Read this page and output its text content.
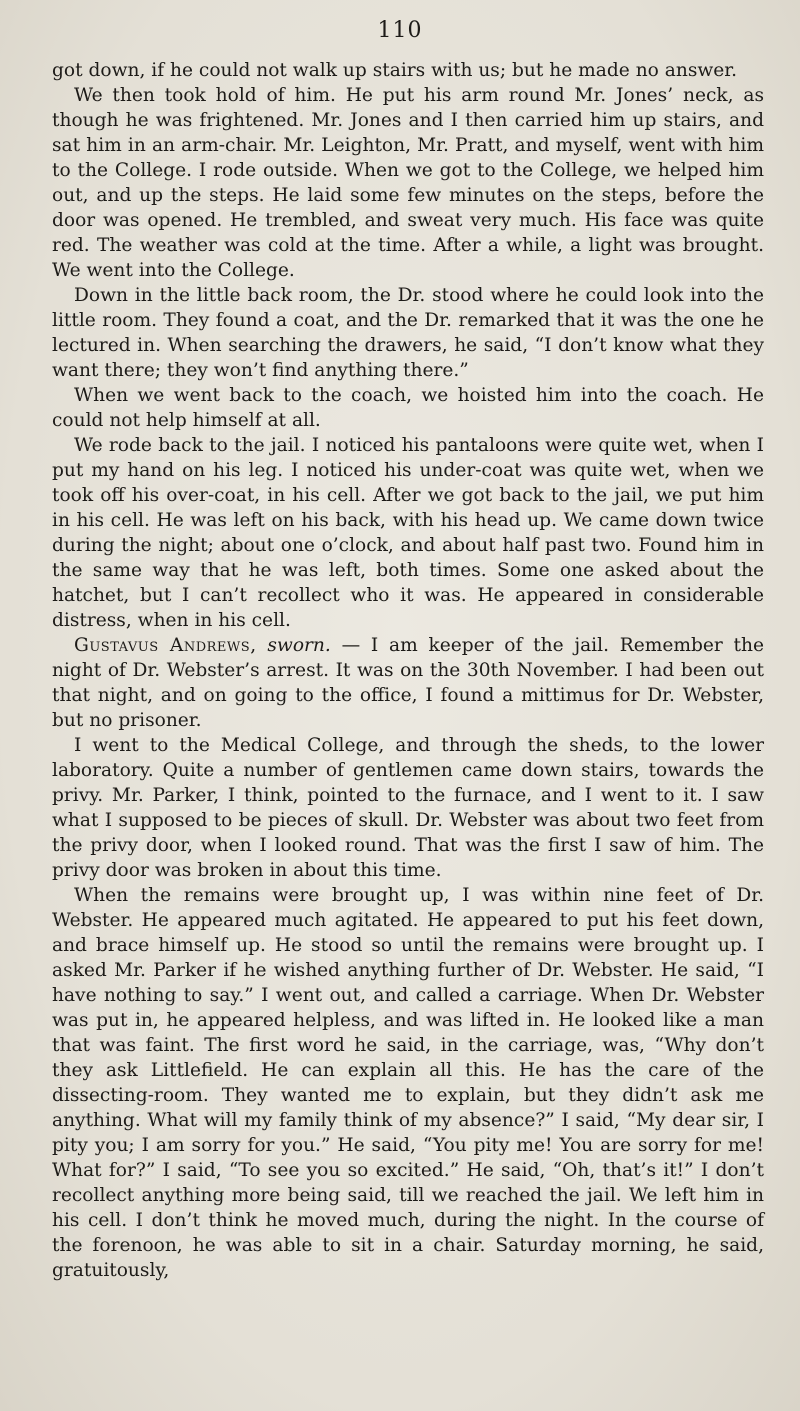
110

got down, if he could not walk up stairs with us; but he made no answer.

We then took hold of him. He put his arm round Mr. Jones’ neck, as though he was frightened. Mr. Jones and I then carried him up stairs, and sat him in an arm-chair. Mr. Leighton, Mr. Pratt, and myself, went with him to the College. I rode outside. When we got to the College, we helped him out, and up the steps. He laid some few minutes on the steps, before the door was opened. He trembled, and sweat very much. His face was quite red. The weather was cold at the time. After a while, a light was brought. We went into the College.

Down in the little back room, the Dr. stood where he could look into the little room. They found a coat, and the Dr. remarked that it was the one he lectured in. When searching the drawers, he said, “I don’t know what they want there; they won’t find anything there.”

When we went back to the coach, we hoisted him into the coach. He could not help himself at all.

We rode back to the jail. I noticed his pantaloons were quite wet, when I put my hand on his leg. I noticed his under-coat was quite wet, when we took off his over-coat, in his cell. After we got back to the jail, we put him in his cell. He was left on his back, with his head up. We came down twice during the night; about one o’clock, and about half past two. Found him in the same way that he was left, both times. Some one asked about the hatchet, but I can’t recollect who it was. He appeared in considerable distress, when in his cell.

Gustavus Andrews, sworn. — I am keeper of the jail. Remember the night of Dr. Webster’s arrest. It was on the 30th November. I had been out that night, and on going to the office, I found a mittimus for Dr. Webster, but no prisoner.

I went to the Medical College, and through the sheds, to the lower laboratory. Quite a number of gentlemen came down stairs, towards the privy. Mr. Parker, I think, pointed to the furnace, and I went to it. I saw what I supposed to be pieces of skull. Dr. Webster was about two feet from the privy door, when I looked round. That was the first I saw of him. The privy door was broken in about this time.

When the remains were brought up, I was within nine feet of Dr. Webster. He appeared much agitated. He appeared to put his feet down, and brace himself up. He stood so until the remains were brought up. I asked Mr. Parker if he wished anything further of Dr. Webster. He said, “I have nothing to say.” I went out, and called a carriage. When Dr. Webster was put in, he appeared helpless, and was lifted in. He looked like a man that was faint. The first word he said, in the carriage, was, “Why don’t they ask Littlefield. He can explain all this. He has the care of the dissecting-room. They wanted me to explain, but they didn’t ask me anything. What will my family think of my absence?” I said, “My dear sir, I pity you; I am sorry for you.” He said, “You pity me! You are sorry for me! What for?” I said, “To see you so excited.” He said, “Oh, that’s it!” I don’t recollect anything more being said, till we reached the jail. We left him in his cell. I don’t think he moved much, during the night. In the course of the forenoon, he was able to sit in a chair. Saturday morning, he said, gratuitously,
